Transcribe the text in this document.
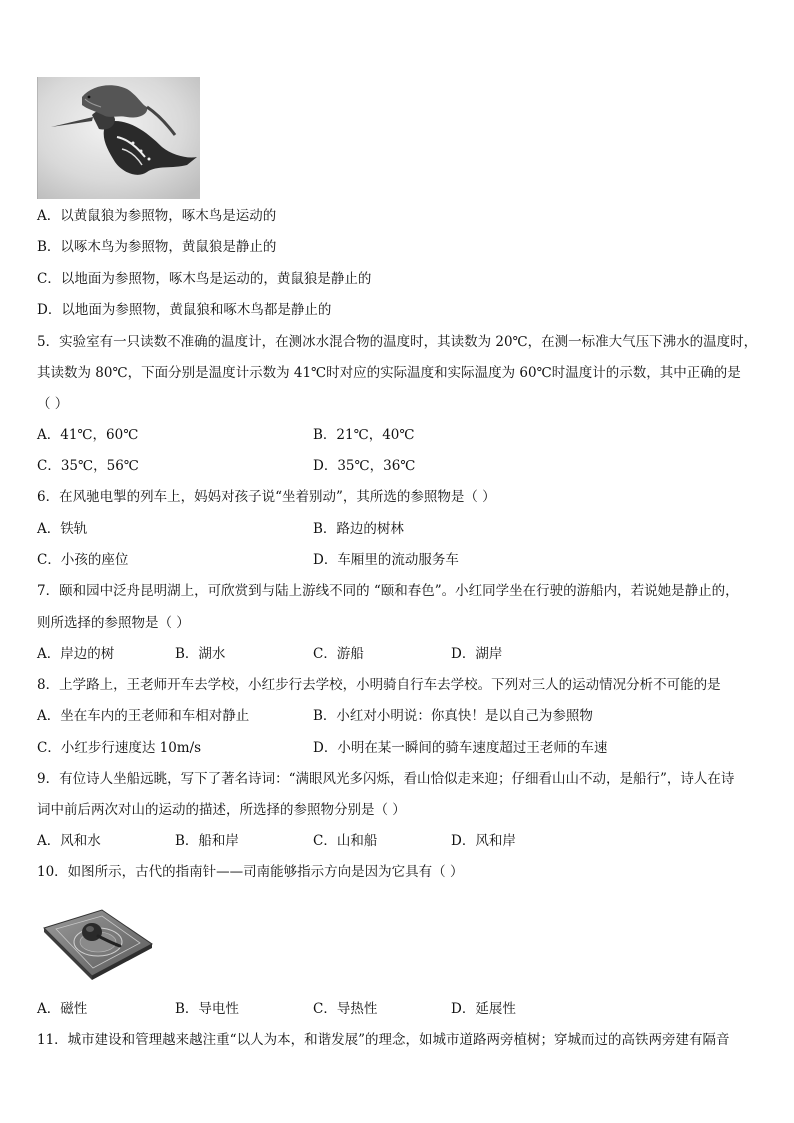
A．以黄鼠狼为参照物，啄木鸟是运动的
B．以啄木鸟为参照物，黄鼠狼是静止的
C．以地面为参照物，啄木鸟是运动的，黄鼠狼是静止的
D．以地面为参照物，黄鼠狼和啄木鸟都是静止的
5．实验室有一只读数不准确的温度计，在测冰水混合物的温度时，其读数为 20℃，在测一标准大气压下沸水的温度时，
其读数为 80℃，下面分别是温度计示数为 41℃时对应的实际温度和实际温度为 60℃时温度计的示数，其中正确的是
（ ）
A．41℃，60℃	B．21℃，40℃
C．35℃，56℃	D．35℃，36℃
6．在风驰电掣的列车上，妈妈对孩子说“坐着别动”，其所选的参照物是（ ）
A．铁轨	B．路边的树林
C．小孩的座位	D．车厢里的流动服务车
7．颐和园中泛舟昆明湖上，可欣赏到与陆上游线不同的 “颐和春色”。小红同学坐在行驶的游船内，若说她是静止的，
则所选择的参照物是（ ）
A．岸边的树	B．湖水	C．游船	D．湖岸
8．上学路上，王老师开车去学校，小红步行去学校，小明骑自行车去学校。下列对三人的运动情况分析不可能的是
A．坐在车内的王老师和车相对静止	B．小红对小明说：你真快！是以自己为参照物
C．小红步行速度达 10m/s	D．小明在某一瞬间的骑车速度超过王老师的车速
9．有位诗人坐船远眺，写下了著名诗词：“满眼风光多闪烁，看山恰似走来迎；仔细看山山不动，是船行”，诗人在诗
词中前后两次对山的运动的描述，所选择的参照物分别是（ ）
A．风和水	B．船和岸	C．山和船	D．风和岸
10．如图所示，古代的指南针——司南能够指示方向是因为它具有（ ）
A．磁性	B．导电性	C．导热性	D．延展性
11．城市建设和管理越来越注重“以人为本，和谐发展”的理念，如城市道路两旁植树；穿城而过的高铁两旁建有隔音
